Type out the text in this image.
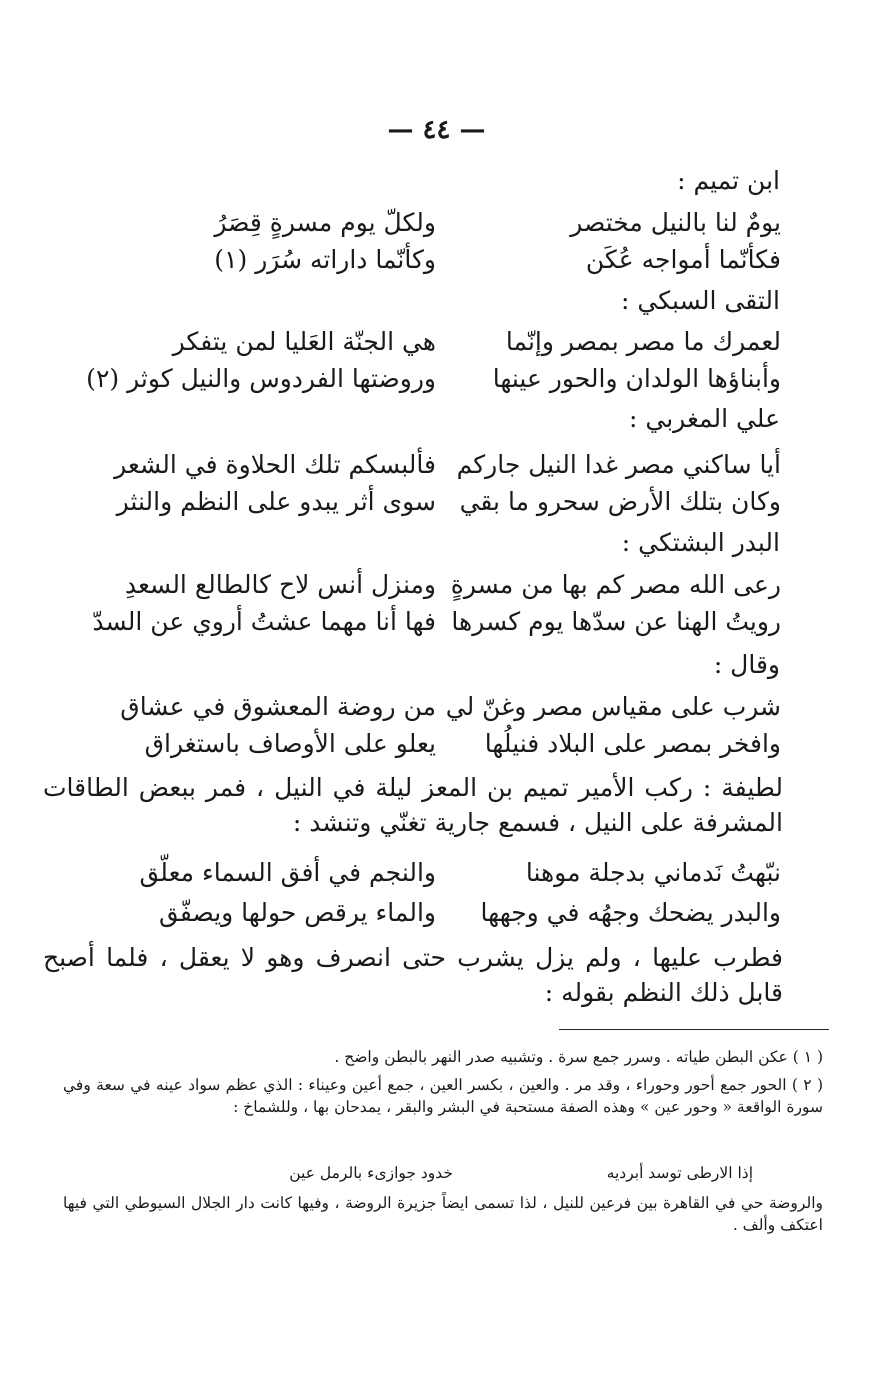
— ٤٤ —
ابن تميم :
يومٌ لنا بالنيل مختصر
ولكلّ يوم مسرةٍ قِصَرُ
فكأنّما أمواجه عُكَن
وكأنّما داراته سُرَر (١)
التقى السبكي :
لعمرك ما مصر بمصر وإنّما
هي الجنّة العَليا لمن يتفكر
وأبناؤها الولدان والحور عينها
وروضتها الفردوس والنيل كوثر (٢)
علي المغربي :
أيا ساكني مصر غدا النيل جاركم
فألبسكم تلك الحلاوة في الشعر
وكان بتلك الأرض سحرو ما بقي
سوى أثر يبدو على النظم والنثر
البدر البشتكي :
رعى الله مصر كم بها من مسرةٍ
ومنزل أنس لاح كالطالع السعدِ
رويتُ الهنا عن سدّها يوم كسرها
فها أنا مهما عشتُ أروي عن السدّ
وقال :
شرب على مقياس مصر وغنّ لي
من روضة المعشوق في عشاق
وافخر بمصر على البلاد فنيلُها
يعلو على الأوصاف باستغراق
لطيفة : ركب الأمير تميم بن المعز ليلة في النيل ، فمر ببعض الطاقات المشرفة على النيل ، فسمع جارية تغنّي وتنشد :
نبّهتُ نَدماني بدجلة موهنا
والنجم في أفق السماء معلّق
والبدر يضحك وجهُه في وجهها
والماء يرقص حولها ويصفّق
فطرب عليها ، ولم يزل يشرب حتى انصرف وهو لا يعقل ، فلما أصبح قابل ذلك النظم بقوله :
( ١ ) عكن البطن طياته . وسرر جمع سرة . وتشبيه صدر النهر بالبطن واضح .
( ٢ ) الحور جمع أحور وحوراء ، وقد مر . والعين ، بكسر العين ، جمع أعين وعيناء : الذي عظم سواد عينه في سعة وفي سورة الواقعة « وحور عين » وهذه الصفة مستحبة في البشر والبقر ، يمدحان بها ، وللشماخ :
إذا الارطى توسد أبرديه
خدود جوازىء بالرمل عين
والروضة حي في القاهرة بين فرعين للنيل ، لذا تسمى ايضاً جزيرة الروضة ، وفيها كانت دار الجلال السيوطي التي فيها اعتكف وألف .
